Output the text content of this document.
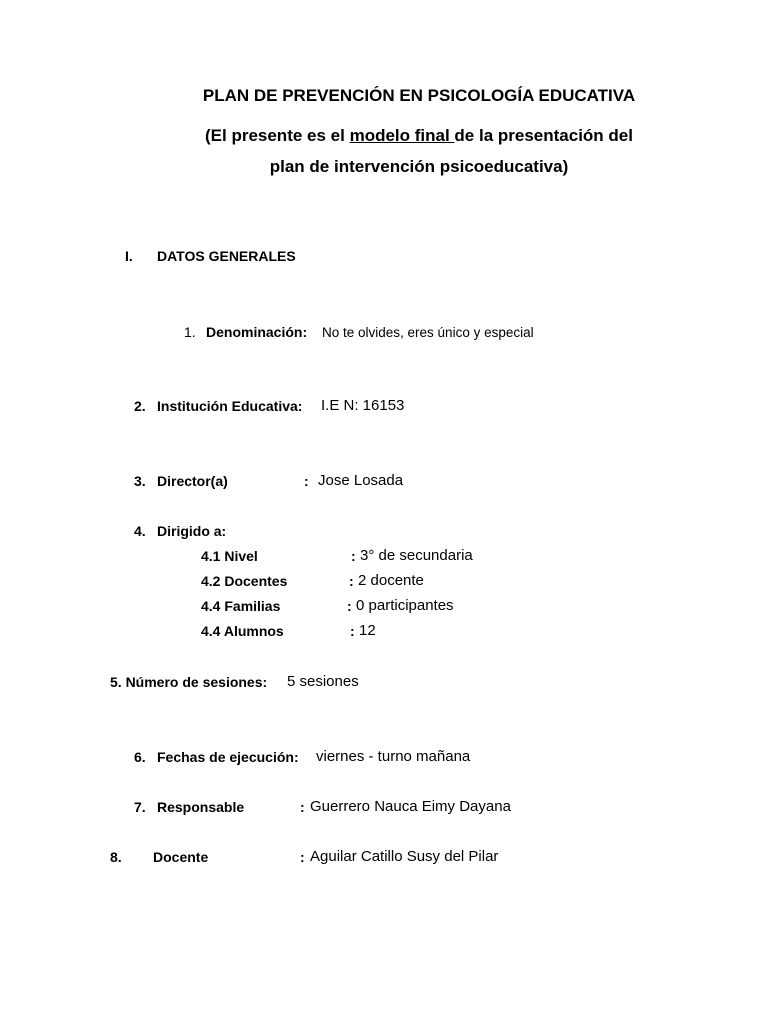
PLAN DE PREVENCIÓN EN PSICOLOGÍA EDUCATIVA
(El presente es el modelo final de la presentación del
plan de intervención psicoeducativa)
I. DATOS GENERALES
1. Denominación: No te olvides, eres único y especial
2. Institución Educativa: I.E N: 16153
3. Director(a)	: Jose Losada
4. Dirigido a:
4.1 Nivel	: 3° de secundaria
4.2 Docentes	: 2 docente
4.4 Familias	: 0 participantes
4.4 Alumnos	: 12
5. Número de sesiones: 5 sesiones
6. Fechas de ejecución: viernes - turno mañana
7. Responsable	: Guerrero Nauca Eimy Dayana
8. Docente	: Aguilar Catillo Susy del Pilar
